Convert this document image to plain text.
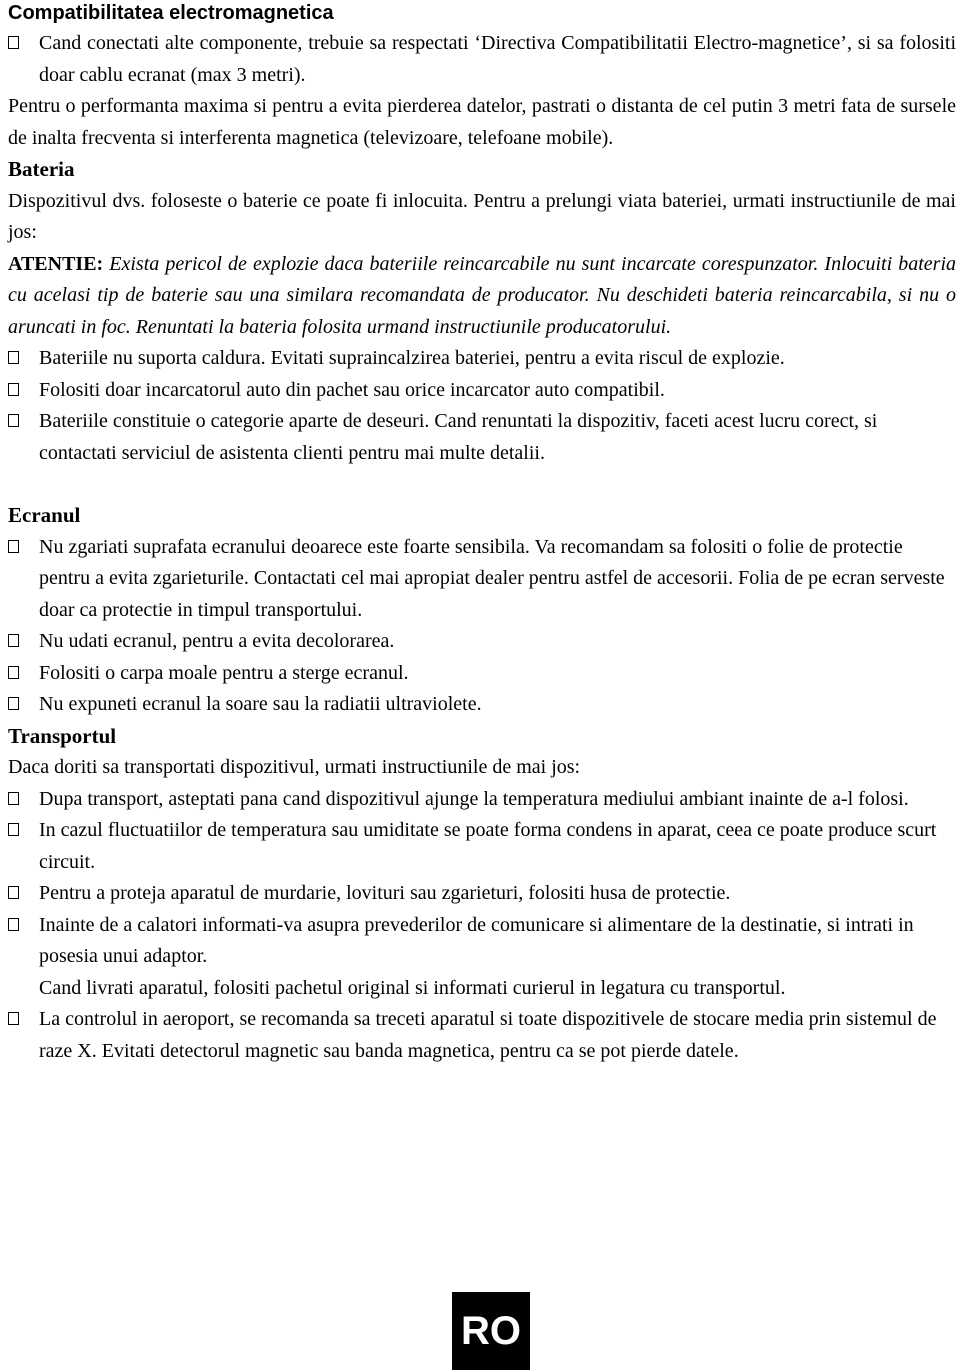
Compatibilitatea electromagnetica

Cand conectati alte componente, trebuie sa respectati ‘Directiva Compatibilitatii Electro-magnetice’, si sa folositi doar cablu ecranat (max 3 metri).

Pentru o performanta maxima si pentru a evita pierderea datelor, pastrati o distanta de cel putin 3 metri fata de sursele de inalta frecventa si interferenta magnetica (televizoare, telefoane mobile).

Bateria

Dispozitivul dvs. foloseste o baterie ce poate fi inlocuita. Pentru a prelungi viata bateriei, urmati instructiunile de mai jos:

ATENTIE: Exista pericol de explozie daca bateriile reincarcabile nu sunt incarcate corespunzator. Inlocuiti bateria cu acelasi tip de baterie sau una similara recomandata de producator. Nu deschideti bateria reincarcabila, si nu o aruncati in foc. Renuntati la bateria folosita urmand instructiunile producatorului.

Bateriile nu suporta caldura. Evitati supraincalzirea bateriei, pentru a evita riscul de explozie.

Folositi doar incarcatorul auto din pachet sau orice incarcator auto compatibil.

Bateriile constituie o categorie aparte de deseuri. Cand renuntati la dispozitiv, faceti acest lucru corect, si contactati serviciul de asistenta clienti pentru mai multe detalii.

Ecranul

Nu zgariati suprafata ecranului deoarece este foarte sensibila. Va recomandam sa folositi o folie de protectie pentru a evita zgarieturile. Contactati cel mai apropiat dealer pentru astfel de accesorii. Folia de pe ecran serveste doar ca protectie in timpul transportului.

Nu udati ecranul, pentru a evita decolorarea.

Folositi o carpa moale pentru a sterge ecranul.

Nu expuneti ecranul la soare sau la radiatii ultraviolete.

Transportul

Daca doriti sa transportati dispozitivul, urmati instructiunile de mai jos:

Dupa transport, asteptati pana cand dispozitivul ajunge la temperatura mediului ambiant inainte de a-l folosi.

In cazul fluctuatiilor de temperatura sau umiditate se poate forma condens in aparat, ceea ce poate produce scurt circuit.

Pentru a proteja aparatul de murdarie, lovituri sau zgarieturi, folositi husa de protectie.

Inainte de a calatori informati-va asupra prevederilor de comunicare si alimentare de la destinatie, si intrati in posesia unui adaptor.

Cand livrati aparatul, folositi pachetul original si informati curierul in legatura cu transportul.

La controlul in aeroport, se recomanda sa treceti aparatul si toate dispozitivele de stocare media prin sistemul de raze X. Evitati detectorul magnetic sau banda magnetica, pentru ca se pot pierde datele.

RO
